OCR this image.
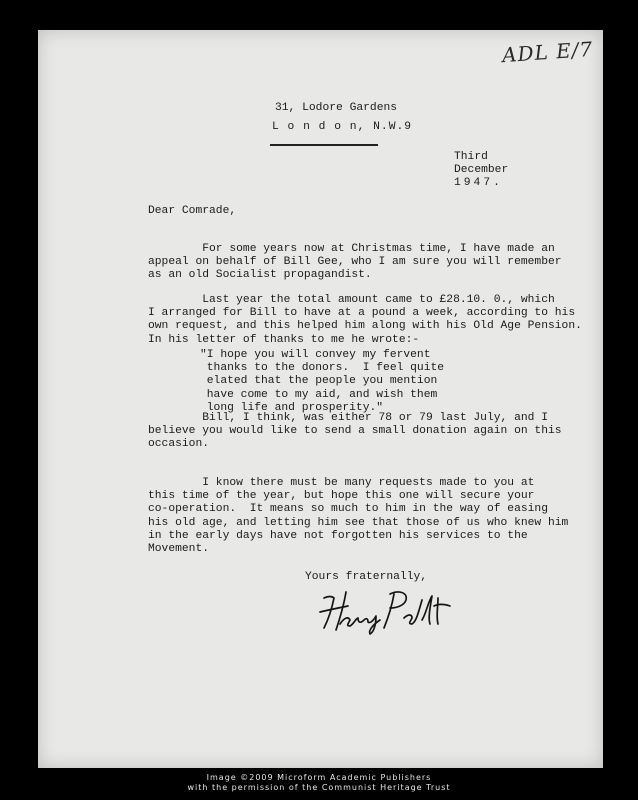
ADL E/7
31, Lodore Gardens
L o n d o n, N.W.9
Third
December
1947.
Dear Comrade,
For some years now at Christmas time, I have made an
appeal on behalf of Bill Gee, who I am sure you will remember
as an old Socialist propagandist.
Last year the total amount came to £28.10. 0., which
I arranged for Bill to have at a pound a week, according to his
own request, and this helped him along with his Old Age Pension.
In his letter of thanks to me he wrote:-
"I hope you will convey my fervent
thanks to the donors.  I feel quite
elated that the people you mention
have come to my aid, and wish them
long life and prosperity."
Bill, I think, was either 78 or 79 last July, and I
believe you would like to send a small donation again on this
occasion.
I know there must be many requests made to you at
this time of the year, but hope this one will secure your
co-operation.  It means so much to him in the way of easing
his old age, and letting him see that those of us who knew him
in the early days have not forgotten his services to the
Movement.
Yours fraternally,
Image ©2009 Microform Academic Publishers
with the permission of the Communist Heritage Trust
